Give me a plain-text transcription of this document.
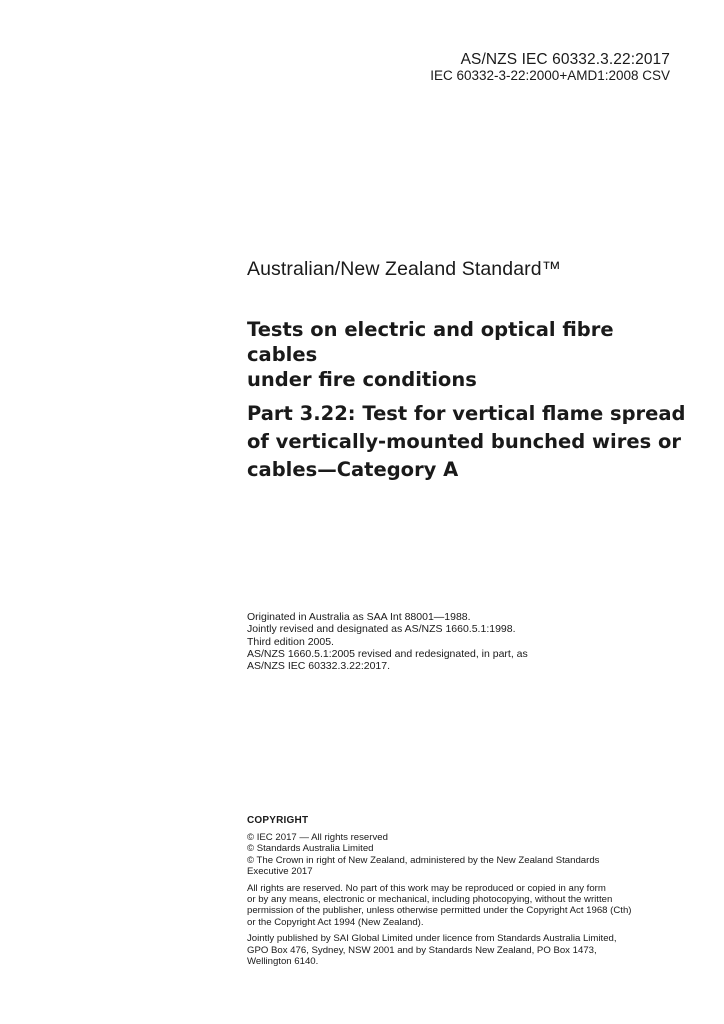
AS/NZS IEC 60332.3.22:2017
IEC 60332-3-22:2000+AMD1:2008 CSV
Australian/New Zealand Standard™
Tests on electric and optical fibre cables
under fire conditions
Part 3.22: Test for vertical flame spread
of vertically-mounted bunched wires or
cables—Category A
Originated in Australia as SAA Int 88001—1988.
Jointly revised and designated as AS/NZS 1660.5.1:1998.
Third edition 2005.
AS/NZS 1660.5.1:2005 revised and redesignated, in part, as
AS/NZS IEC 60332.3.22:2017.
COPYRIGHT
© IEC 2017 — All rights reserved
© Standards Australia Limited
© The Crown in right of New Zealand, administered by the New Zealand Standards
Executive 2017
All rights are reserved. No part of this work may be reproduced or copied in any form
or by any means, electronic or mechanical, including photocopying, without the written
permission of the publisher, unless otherwise permitted under the Copyright Act 1968 (Cth)
or the Copyright Act 1994 (New Zealand).
Jointly published by SAI Global Limited under licence from Standards Australia Limited,
GPO Box 476, Sydney, NSW 2001 and by Standards New Zealand, PO Box 1473,
Wellington 6140.
